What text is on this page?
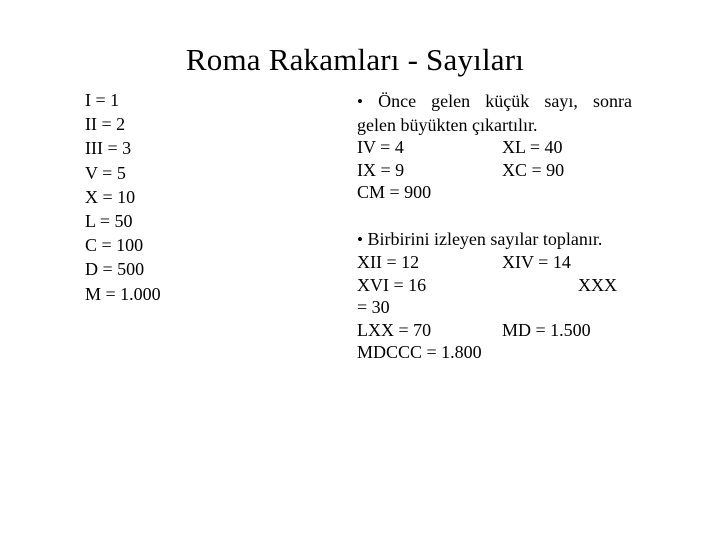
Roma Rakamları - Sayıları
I = 1
II = 2
III = 3
V = 5
X = 10
L = 50
C = 100
D = 500
M = 1.000
• Önce gelen küçük sayı, sonra
gelen büyükten çıkartılır.
IV = 4	XL = 40
IX = 9	XC = 90
CM = 900
• Birbirini izleyen sayılar toplanır.
XII = 12	XIV = 14
XVI = 16	XXX
= 30
LXX = 70	MD = 1.500
MDCCC = 1.800
